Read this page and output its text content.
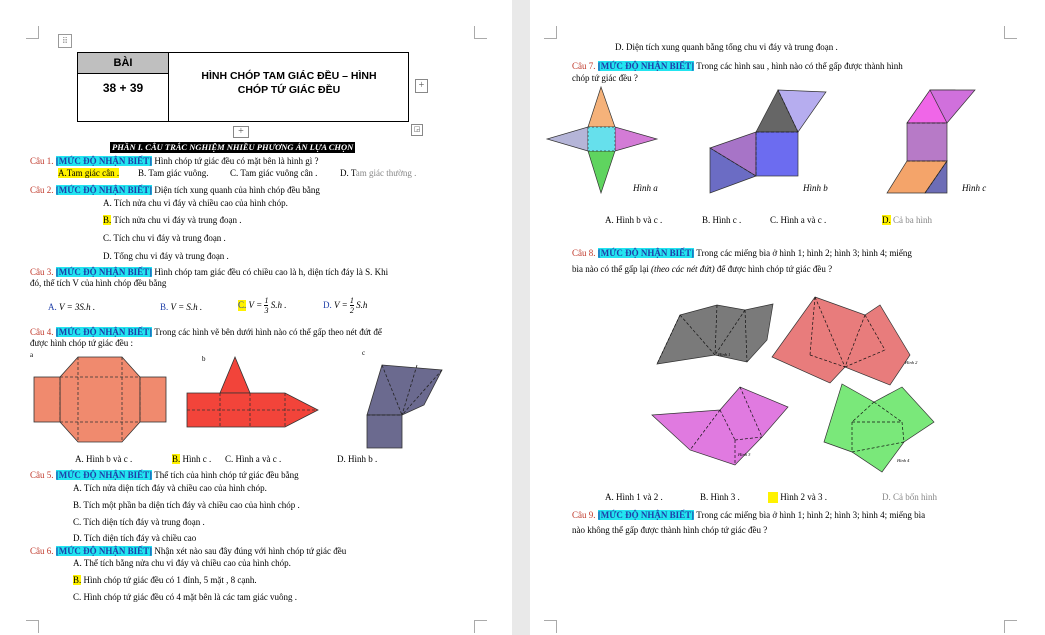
⁞⁞
BÀI
38 + 39
HÌNH CHÓP TAM GIÁC ĐỀU – HÌNH
CHÓP TỨ GIÁC ĐỀU	+
+	◲
PHẦN I. CÂU TRẮC NGHIỆM NHIỀU PHƯƠNG ÁN LỰA CHỌN
Câu 1. [MỨC ĐỘ NHẬN BIẾT] Hình chóp tứ giác đều có mặt bên là hình gì ?
A.Tam giác cân . B. Tam giác vuông. C. Tam giác vuông cân .	D. Tam giác thường .
Câu 2. [MỨC ĐỘ NHẬN BIẾT] Diện tích xung quanh của hình chóp đều bằng
A. Tích nửa chu vi đáy và chiều cao của hình chóp.
B. Tích nửa chu vi đáy và trung đoạn .
C. Tích chu vi đáy và trung đoạn .
D. Tổng chu vi đáy và trung đoạn .
Câu 3. [MỨC ĐỘ NHẬN BIẾT] Hình chóp tam giác đều có chiều cao là h, diện tích đáy là S. Khi
đó, thể tích V của hình chóp đều bằng
A. V = 3S.h .	B. V = S.h .	C. $V = \frac{1}{3} S.h$ .	D. $V = \frac{1}{2} S.h$
Câu 4. [MỨC ĐỘ NHẬN BIẾT] Trong các hình vẽ bên dưới hình nào có thể gấp theo nét đứt để
được hình chóp tứ giác đều :
a	b
c
A. Hình b và c .	B. Hình c . C. Hình a và c .	D. Hình b .
Câu 5. [MỨC ĐỘ NHẬN BIẾT] Thể tích của hình chóp tứ giác đều bằng
A. Tích nửa diện tích đáy và chiều cao của hình chóp.
B. Tích một phần ba diện tích đáy và chiều cao của hình chóp .
C. Tích diện tích đáy và trung đoạn .
D. Tích diện tích đáy và chiều cao
Câu 6. [MỨC ĐỘ NHẬN BIẾT] Nhận xét nào sau đây đúng với hình chóp tứ giác đều
A. Thể tích bằng nửa chu vi đáy và chiều cao của hình chóp.
B. Hình chóp tứ giác đều có 1 đỉnh, 5 mặt , 8 cạnh.
C. Hình chóp tứ giác đều có 4 mặt bên là các tam giác vuông .
D. Diện tích xung quanh bằng tổng chu vi đáy và trung đoạn .
Câu 7. [MỨC ĐỘ NHẬN BIẾT] Trong các hình sau , hình nào có thể gấp được thành hình
chóp tứ giác đều ?
Hình a	Hình b	Hình c
A. Hình b và c .	B. Hình c .	C. Hình a và c .	D. Cả ba hình
Câu 8. [MỨC ĐỘ NHẬN BIẾT] Trong các miếng bìa ở hình 1; hình 2; hình 3; hình 4; miếng
bìa nào có thể gấp lại (theo các nét đứt) để được hình chóp tứ giác đều ?
Hình 1
Hình 2
Hình 3
Hình 4
A. Hình 1 và 2 .	B. Hình 3 .	Hình 2 và 3 .	D. Cả bốn hình
Câu 9. [MỨC ĐỘ NHẬN BIẾT] Trong các miếng bìa ở hình 1; hình 2; hình 3; hình 4; miếng bìa
nào không thể gấp được thành hình chóp tứ giác đều ?
